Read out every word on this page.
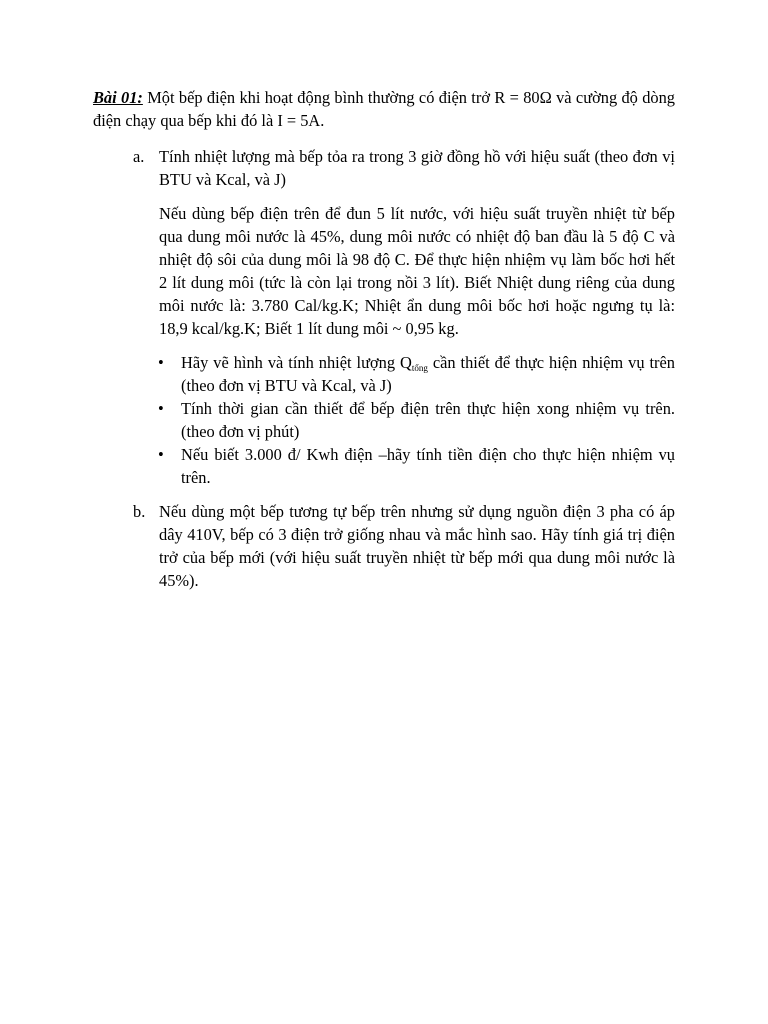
Bài 01: Một bếp điện khi hoạt động bình thường có điện trở R = 80Ω và cường độ dòng điện chạy qua bếp khi đó là I = 5A.

a. Tính nhiệt lượng mà bếp tỏa ra trong 3 giờ đồng hồ với hiệu suất (theo đơn vị BTU và Kcal, và J)

Nếu dùng bếp điện trên để đun 5 lít nước, với hiệu suất truyền nhiệt từ bếp qua dung môi nước là 45%, dung môi nước có nhiệt độ ban đầu là 5 độ C và nhiệt độ sôi của dung môi là 98 độ C. Để thực hiện nhiệm vụ làm bốc hơi hết 2 lít dung môi (tức là còn lại trong nồi 3 lít). Biết Nhiệt dung riêng của dung môi nước là: 3.780 Cal/kg.K; Nhiệt ẩn dung môi bốc hơi hoặc ngưng tụ là: 18,9 kcal/kg.K; Biết 1 lít dung môi ~ 0,95 kg.

• Hãy vẽ hình và tính nhiệt lượng $Q_{tổng}$ cần thiết để thực hiện nhiệm vụ trên (theo đơn vị BTU và Kcal, và J)
• Tính thời gian cần thiết để bếp điện trên thực hiện xong nhiệm vụ trên. (theo đơn vị phút)
• Nếu biết 3.000 đ/ Kwh điện –hãy tính tiền điện cho thực hiện nhiệm vụ trên.
b. Nếu dùng một bếp tương tự bếp trên nhưng sử dụng nguồn điện 3 pha có áp dây 410V, bếp có 3 điện trở giống nhau và mắc hình sao. Hãy tính giá trị điện trở của bếp mới (với hiệu suất truyền nhiệt từ bếp mới qua dung môi nước là 45%).
